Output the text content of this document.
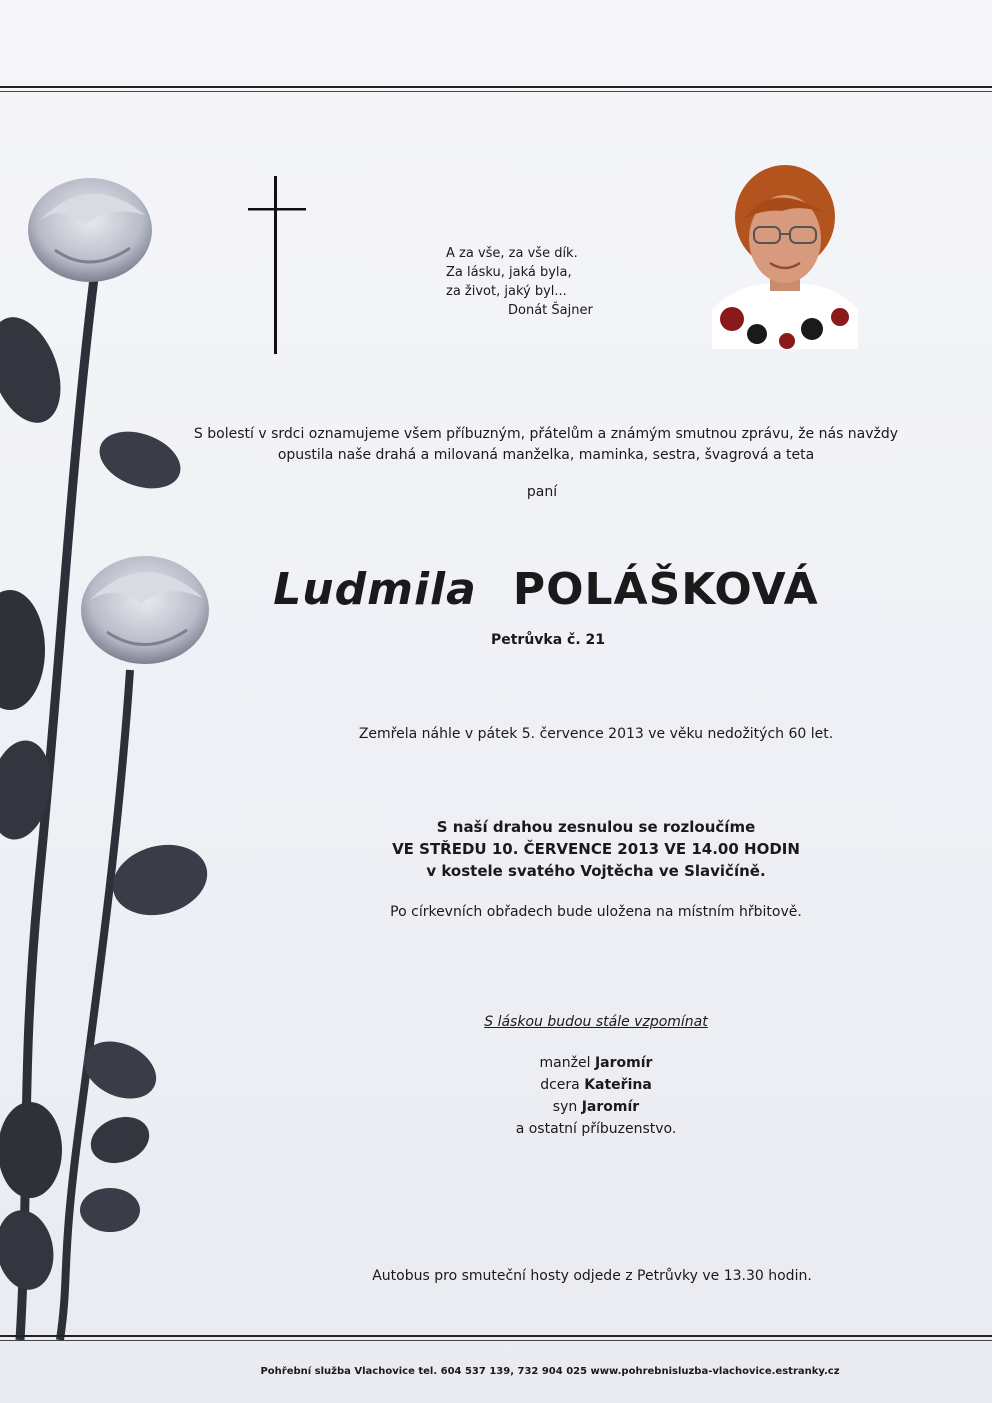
A za vše, za vše dík.
Za lásku, jaká byla,
za život, jaký byl...
Donát Šajner
S bolestí v srdci oznamujeme všem příbuzným, přátelům a známým smutnou zprávu, že nás navždy
opustila naše drahá a milovaná manželka, maminka, sestra, švagrová a teta
paní
Ludmila POLÁŠKOVÁ
Petrůvka č. 21
Zemřela náhle v pátek 5. července 2013 ve věku nedožitých 60 let.
S naší drahou zesnulou se rozloučíme
VE STŘEDU 10. ČERVENCE 2013 VE 14.00 HODIN
v kostele svatého Vojtěcha ve Slavičíně.
Po církevních obřadech bude uložena na místním hřbitově.
S láskou budou stále vzpomínat
manžel Jaromír
dcera Kateřina
syn Jaromír
a ostatní příbuzenstvo.
Autobus pro smuteční hosty odjede z Petrůvky ve 13.30 hodin.
Pohřební služba Vlachovice tel. 604 537 139, 732 904 025 www.pohrebnisluzba-vlachovice.estranky.cz
